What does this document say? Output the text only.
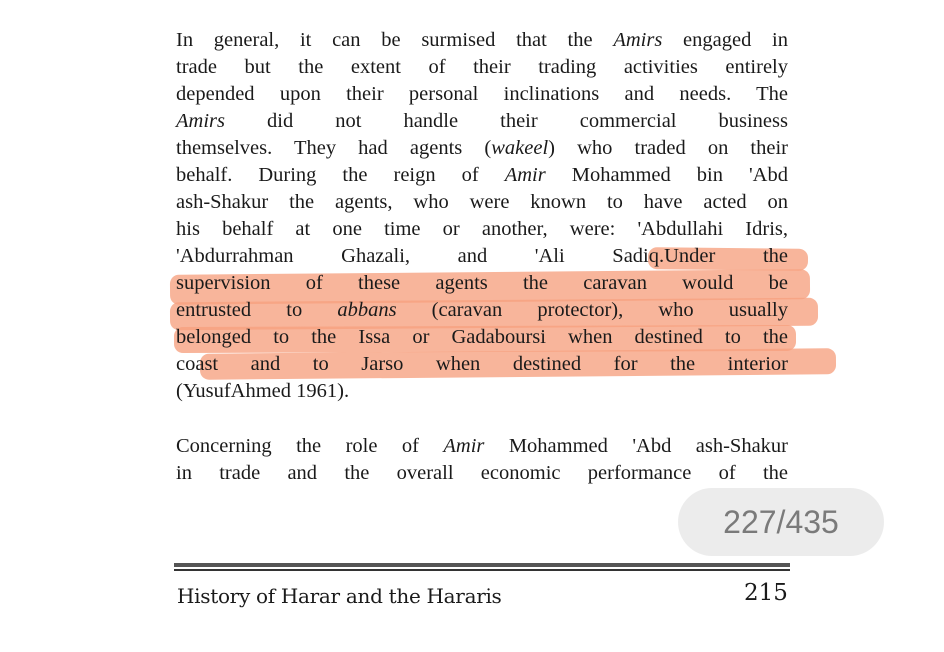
In general, it can be surmised that the Amirs engaged in
trade but the extent of their trading activities entirely
depended upon their personal inclinations and needs. The
Amirs did not handle their commercial business
themselves. They had agents (wakeel) who traded on their
behalf. During the reign of Amir Mohammed bin 'Abd
ash-Shakur the agents, who were known to have acted on
his behalf at one time or another, were: 'Abdullahi Idris,
'Abdurrahman Ghazali, and 'Ali Sadiq.Under the
supervision of these agents the caravan would be
entrusted to abbans (caravan protector), who usually
belonged to the Issa or Gadaboursi when destined to the
coast and to Jarso when destined for the interior
(YusufAhmed 1961).
Concerning the role of Amir Mohammed 'Abd ash-Shakur
in trade and the overall economic performance of the
History of Harar and the Hararis	215
227/435
